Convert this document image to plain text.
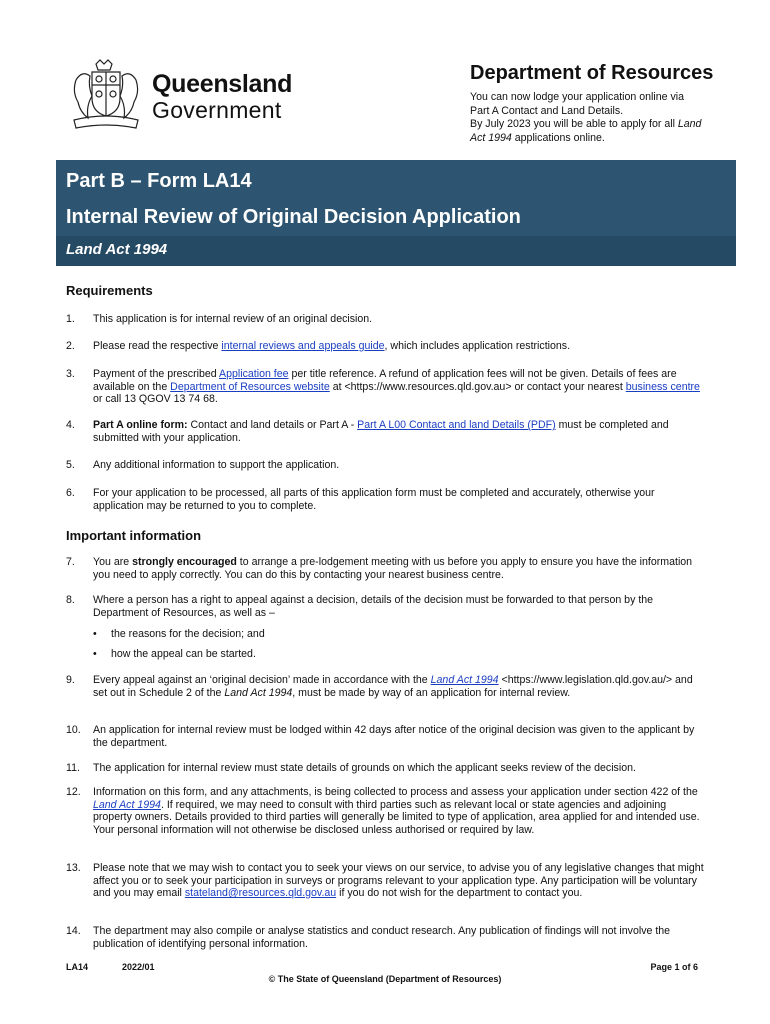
Queensland
Government
Department of Resources
You can now lodge your application online via
Part A Contact and Land Details.
By July 2023 you will be able to apply for all Land
Act 1994 applications online.
Part B – Form LA14
Internal Review of Original Decision Application
Land Act 1994
Requirements
1. This application is for internal review of an original decision.
2. Please read the respective internal reviews and appeals guide, which includes application restrictions.
3. Payment of the prescribed Application fee per title reference. A refund of application fees will not be given. Details of fees are available on the Department of Resources website at <https://www.resources.qld.gov.au> or contact your nearest business centre or call 13 QGOV 13 74 68.
4. Part A online form: Contact and land details or Part A - Part A L00 Contact and land Details (PDF) must be completed and submitted with your application.
5. Any additional information to support the application.
6. For your application to be processed, all parts of this application form must be completed and accurately, otherwise your application may be returned to you to complete.
Important information
7. You are strongly encouraged to arrange a pre-lodgement meeting with us before you apply to ensure you have the information you need to apply correctly. You can do this by contacting your nearest business centre.
8. Where a person has a right to appeal against a decision, details of the decision must be forwarded to that person by the Department of Resources, as well as –
• the reasons for the decision; and
• how the appeal can be started.
9. Every appeal against an ‘original decision’ made in accordance with the Land Act 1994 <https://www.legislation.qld.gov.au/> and set out in Schedule 2 of the Land Act 1994, must be made by way of an application for internal review.
10. An application for internal review must be lodged within 42 days after notice of the original decision was given to the applicant by the department.
11. The application for internal review must state details of grounds on which the applicant seeks review of the decision.
12. Information on this form, and any attachments, is being collected to process and assess your application under section 422 of the Land Act 1994. If required, we may need to consult with third parties such as relevant local or state agencies and adjoining property owners. Details provided to third parties will generally be limited to type of application, area applied for and intended use. Your personal information will not otherwise be disclosed unless authorised or required by law.
13. Please note that we may wish to contact you to seek your views on our service, to advise you of any legislative changes that might affect you or to seek your participation in surveys or programs relevant to your application type. Any participation will be voluntary and you may email stateland@resources.qld.gov.au if you do not wish for the department to contact you.
14. The department may also compile or analyse statistics and conduct research. Any publication of findings will not involve the publication of identifying personal information.
LA14	2022/01	Page 1 of 6
© The State of Queensland (Department of Resources)
